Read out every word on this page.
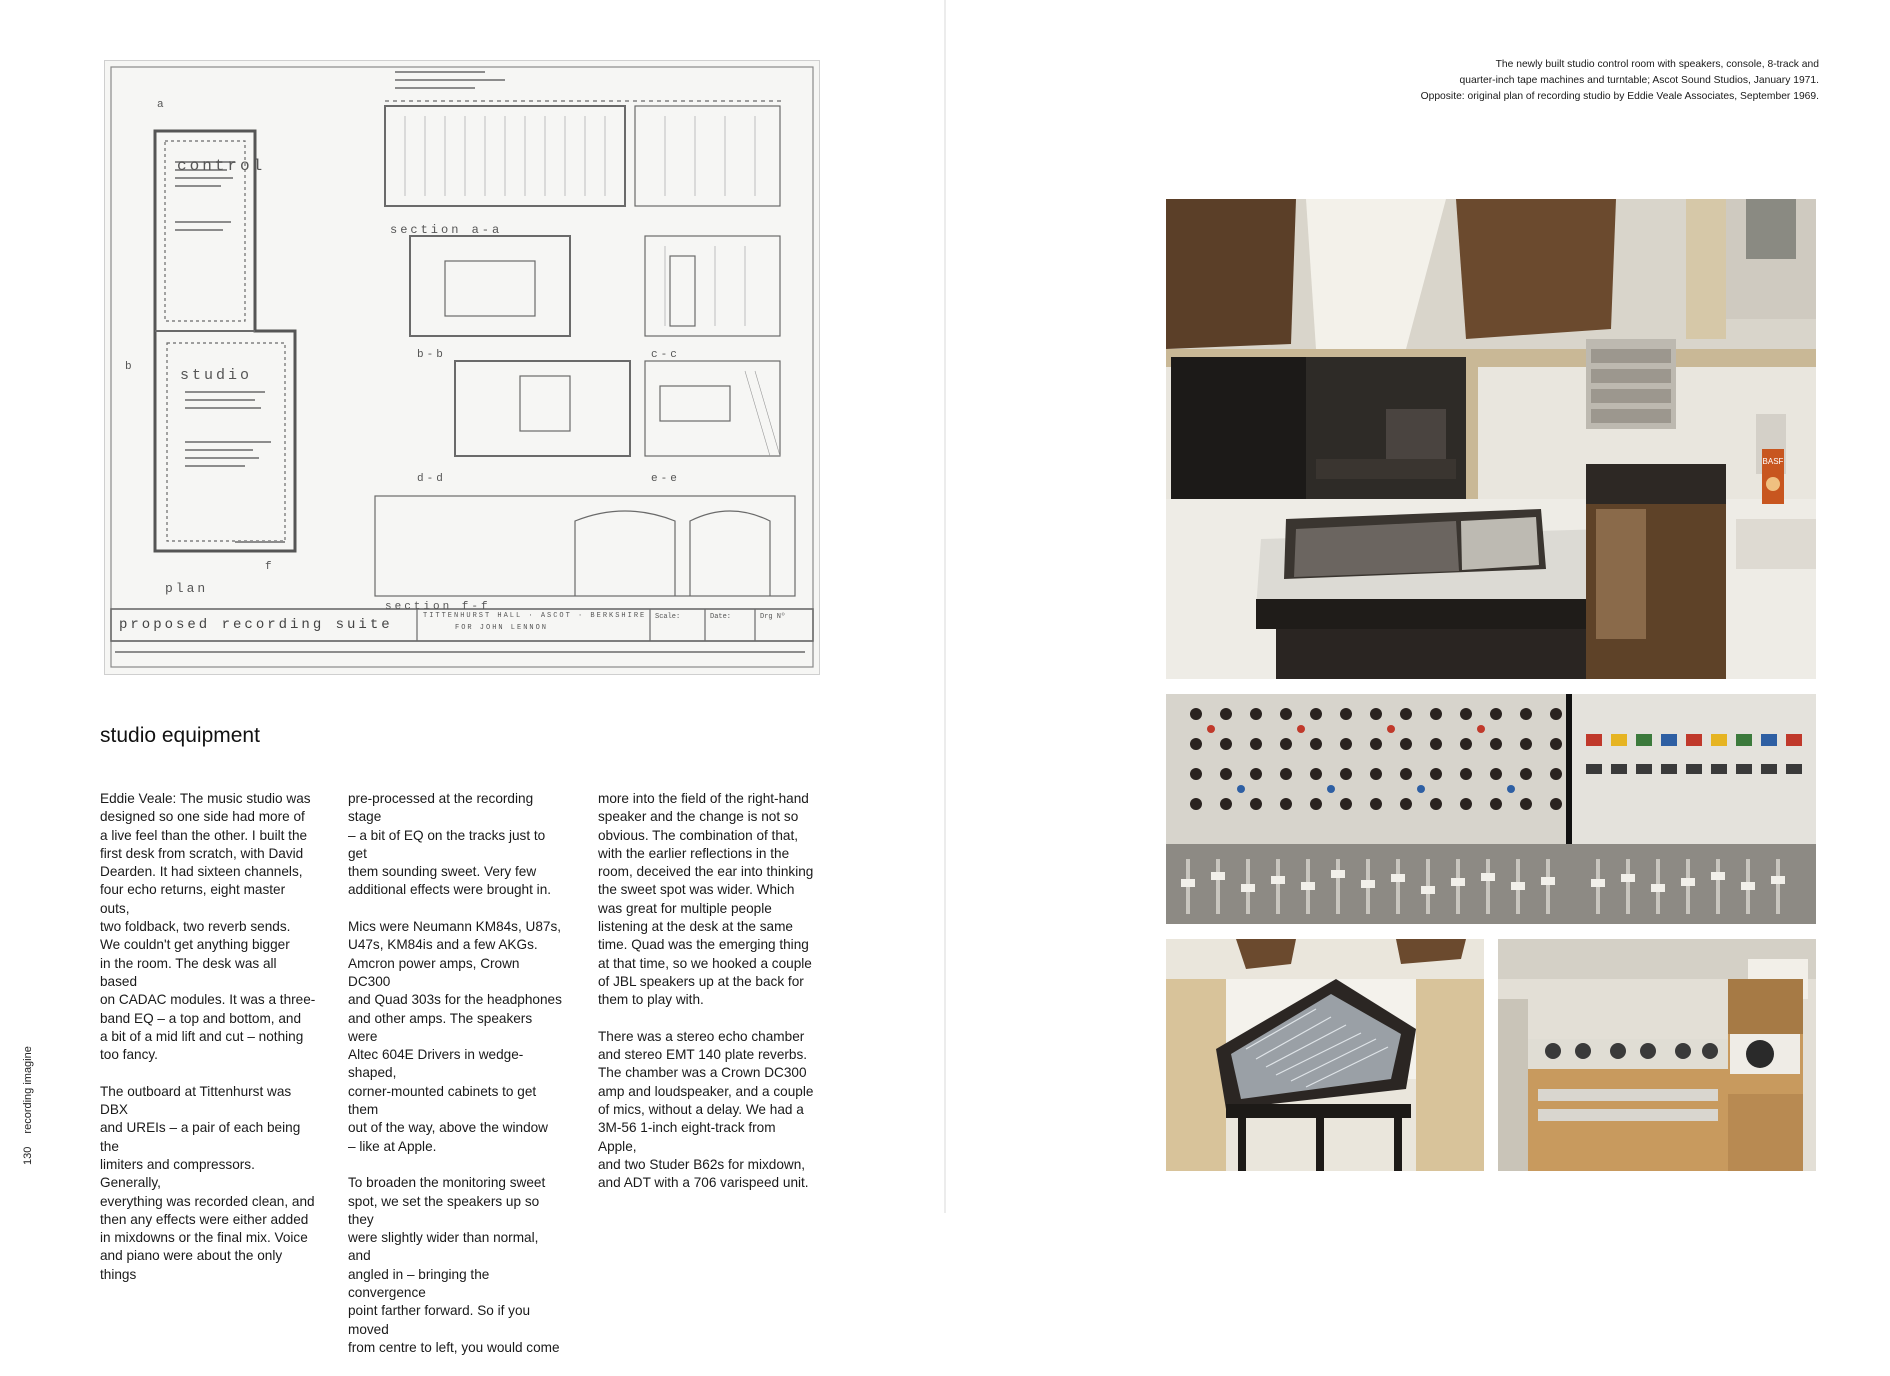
control
studio
plan
section a-a
b-b	c-c
d-d	e-e
section f-f
a
b
f
proposed recording suite
TITTENHURST HALL · ASCOT · BERKSHIRE
FOR JOHN LENNON
Scale:	Date:	Drg Nº
studio equipment

Eddie Veale: The music studio was
designed so one side had more of
a live feel than the other. I built the
first desk from scratch, with David
Dearden. It had sixteen channels,
four echo returns, eight master outs,
two foldback, two reverb sends.
We couldn't get anything bigger
in the room. The desk was all based
on CADAC modules. It was a three-
band EQ – a top and bottom, and
a bit of a mid lift and cut – nothing
too fancy.

The outboard at Tittenhurst was DBX
and UREIs – a pair of each being the
limiters and compressors. Generally,
everything was recorded clean, and
then any effects were either added
in mixdowns or the final mix. Voice
and piano were about the only things

pre-processed at the recording stage
– a bit of EQ on the tracks just to get
them sounding sweet. Very few
additional effects were brought in.

Mics were Neumann KM84s, U87s,
U47s, KM84is and a few AKGs.
Amcron power amps, Crown DC300
and Quad 303s for the headphones
and other amps. The speakers were
Altec 604E Drivers in wedge-shaped,
corner-mounted cabinets to get them
out of the way, above the window
– like at Apple.

To broaden the monitoring sweet
spot, we set the speakers up so they
were slightly wider than normal, and
angled in – bringing the convergence
point farther forward. So if you moved
from centre to left, you would come

more into the field of the right-hand
speaker and the change is not so
obvious. The combination of that,
with the earlier reflections in the
room, deceived the ear into thinking
the sweet spot was wider. Which
was great for multiple people
listening at the desk at the same
time. Quad was the emerging thing
at that time, so we hooked a couple
of JBL speakers up at the back for
them to play with.

There was a stereo echo chamber
and stereo EMT 140 plate reverbs.
The chamber was a Crown DC300
amp and loudspeaker, and a couple
of mics, without a delay. We had a
3M-56 1-inch eight-track from Apple,
and two Studer B62s for mixdown,
and ADT with a 706 varispeed unit.

130 recording imagine
The newly built studio control room with speakers, console, 8-track and
quarter-inch tape machines and turntable; Ascot Sound Studios, January 1971.
Opposite: original plan of recording studio by Eddie Veale Associates, September 1969.
BASF
